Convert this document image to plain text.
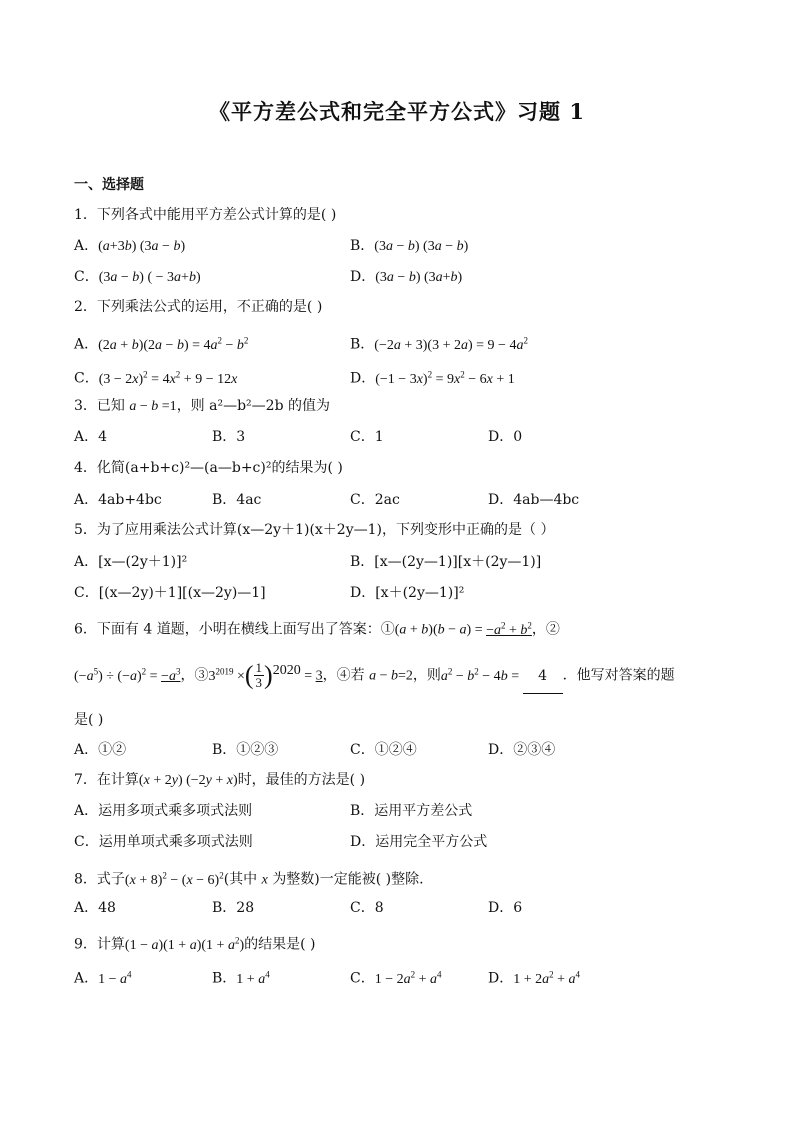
《平方差公式和完全平方公式》习题 1
一、选择题
1．下列各式中能用平方差公式计算的是( )
A．(a+3b) (3a − b)	B．(3a − b) (3a − b)
C．(3a − b) ( − 3a+b)	D．(3a − b) (3a+b)
2．下列乘法公式的运用，不正确的是( )
A．$(2a + b)(2a - b) = 4a^2 - b^2$	B．$(-2a + 3)(3 + 2a) = 9 - 4a^2$
C．$(3 - 2x)^2 = 4x^2 + 9 - 12x$	D．$(-1 - 3x)^2 = 9x^2 - 6x + 1$
3．已知 a − b =1，则 a²—b²—2b 的值为
A．4	B．3	C．1	D．0
4．化简(a+b+c)²—(a—b+c)²的结果为( )
A．4ab+4bc	B．4ac	C．2ac	D．4ab—4bc
5．为了应用乘法公式计算(x—2y＋1)(x＋2y—1)，下列变形中正确的是（ ）
A．[x—(2y＋1)]²	B．[x—(2y—1)][x＋(2y—1)]
C．[(x—2y)＋1][(x—2y)—1]	D．[x＋(2y—1)]²
6．下面有 4 道题，小明在横线上面写出了答案：①(a + $b)(b - a) = -a^2 + b^2$，②
$(-a^5) \div (-a)^2 = -a^3$，$③3^{2019}$ ×( $\frac{1}{3} )^{2020} = 3$，④若 a − b=2，则$a^2 - b^2 - 4b = 4$ ．他写对答案的题
是( )
A．①②	B．①②③	C．①②④	D．②③④
7．在计算(x + 2y) (−2y + x)时，最佳的方法是( )
A．运用多项式乘多项式法则	B．运用平方差公式
C．运用单项式乘多项式法则	D．运用完全平方公式
8．式子$(x + 8)^2 - (x - 6)^2$(其中 x 为整数)一定能被( )整除.
A．48	B．28	C．8	D．6
9．计算$(1 - a)(1 + a)(1 + a^2)$的结果是( )
A．$1 - a^4$	B．$1 + a^4$	C．$1 - 2a^2 + a^4$	D．$1 + 2a^2 + a^4$
